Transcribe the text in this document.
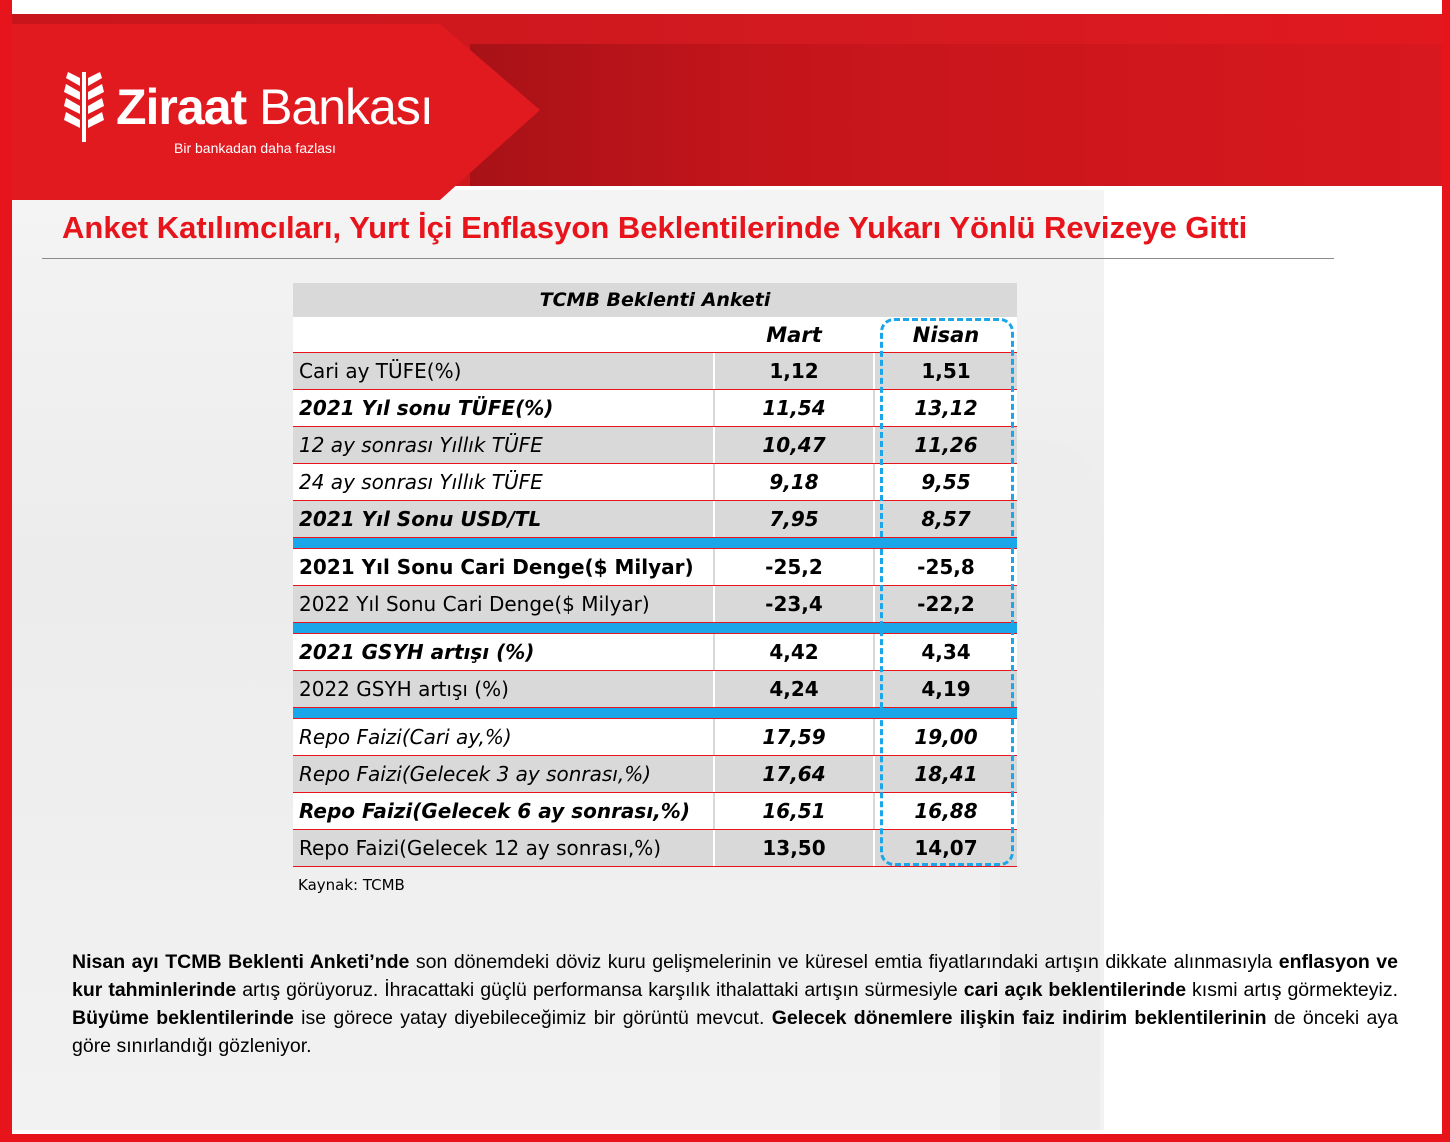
Ziraat Bankası
Bir bankadan daha fazlası
Anket Katılımcıları, Yurt İçi Enflasyon Beklentilerinde Yukarı Yönlü Revizeye Gitti
TCMB Beklenti Anketi
Mart	Nisan
Cari ay TÜFE(%)	1,12	1,51
2021 Yıl sonu TÜFE(%)	11,54	13,12
12 ay sonrası Yıllık TÜFE	10,47	11,26
24 ay sonrası Yıllık TÜFE	9,18	9,55
2021 Yıl Sonu USD/TL	7,95	8,57
2021 Yıl Sonu Cari Denge($ Milyar)	-25,2	-25,8
2022 Yıl Sonu Cari Denge($ Milyar)	-23,4	-22,2
2021 GSYH artışı (%)	4,42	4,34
2022 GSYH artışı (%)	4,24	4,19
Repo Faizi(Cari ay,%)	17,59	19,00
Repo Faizi(Gelecek 3 ay sonrası,%)	17,64	18,41
Repo Faizi(Gelecek 6 ay sonrası,%)	16,51	16,88
Repo Faizi(Gelecek 12 ay sonrası,%)	13,50	14,07
Kaynak: TCMB
Nisan ayı TCMB Beklenti Anketi’nde son dönemdeki döviz kuru gelişmelerinin ve küresel emtia fiyatlarındaki artışın dikkate alınmasıyla enflasyon ve kur tahminlerinde artış görüyoruz. İhracattaki güçlü performansa karşılık ithalattaki artışın sürmesiyle cari açık beklentilerinde kısmi artış görmekteyiz. Büyüme beklentilerinde ise görece yatay diyebileceğimiz bir görüntü mevcut. Gelecek dönemlere ilişkin faiz indirim beklentilerinin de önceki aya göre sınırlandığı gözleniyor.
